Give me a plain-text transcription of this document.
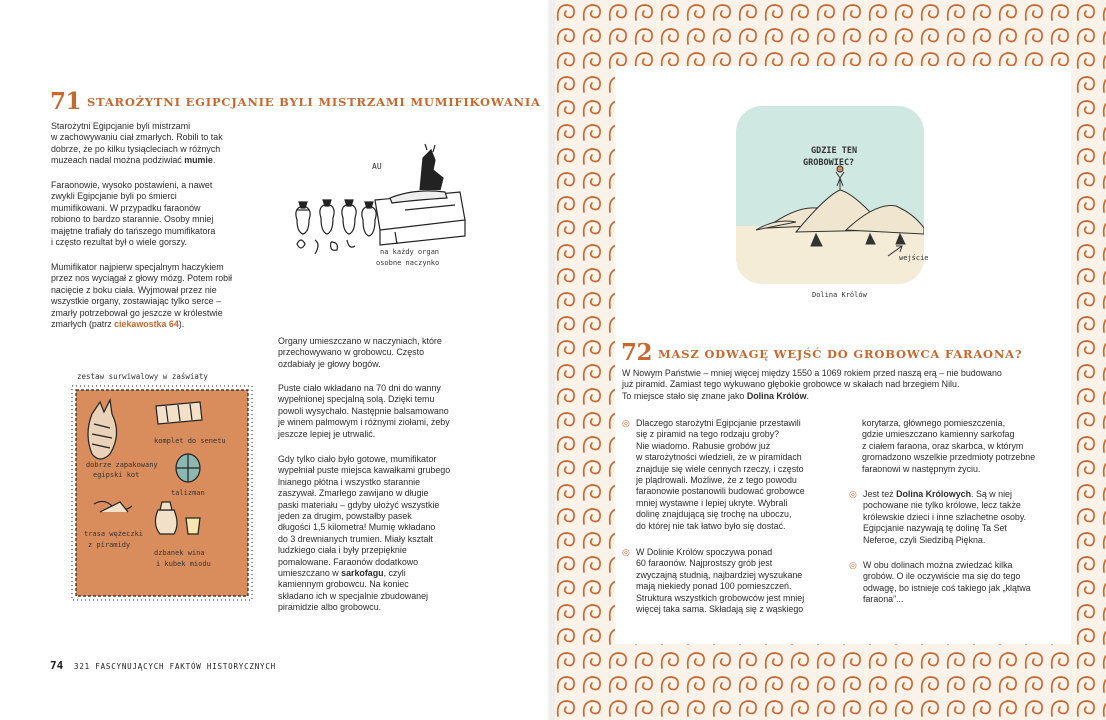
71 STAROŻYTNI EGIPCJANIE BYLI MISTRZAMI MUMIFIKOWANIA

Starożytni Egipcjanie byli mistrzami
w zachowywaniu ciał zmarłych. Robili to tak
dobrze, że po kilku tysiącleciach w różnych
muzeach nadal można podziwiać mumie.

Faraonowie, wysoko postawieni, a nawet
zwykli Egipcjanie byli po śmierci
mumifikowani. W przypadku faraonów
robiono to bardzo starannie. Osoby mniej
majętne trafiały do tańszego mumifikatora
i często rezultat był o wiele gorszy.

Mumifikator najpierw specjalnym haczykiem
przez nos wyciągał z głowy mózg. Potem robił
nacięcie z boku ciała. Wyjmował przez nie
wszystkie organy, zostawiając tylko serce –
zmarły potrzebował go jeszcze w królestwie
zmarłych (patrz ciekawostka 64).

AU
na każdy organ
osobne naczynko
zestaw surwiwalowy w zaświaty
dobrze zapakowany
egipski kot
komplet do senetu
talizman
trasa wężeczki
z piramidy
dzbanek wina
i kubek miodu

Organy umieszczano w naczyniach, które
przechowywano w grobowcu. Często
ozdabiały je głowy bogów.

Puste ciało wkładano na 70 dni do wanny
wypełnionej specjalną solą. Dzięki temu
powoli wysychało. Następnie balsamowano
je winem palmowym i różnymi ziołami, żeby
jeszcze lepiej je utrwalić.

Gdy tylko ciało było gotowe, mumifikator
wypełniał puste miejsca kawałkami grubego
lnianego płótna i wszystko starannie
zaszywał. Zmarłego zawijano w długie
paski materiału – gdyby ułożyć wszystkie
jeden za drugim, powstałby pasek
długości 1,5 kilometra! Mumię wkładano
do 3 drewnianych trumien. Miały kształt
ludzkiego ciała i były przepięknie
pomalowane. Faraonów dodatkowo
umieszczano w sarkofagu, czyli
kamiennym grobowcu. Na koniec
składano ich w specjalnie zbudowanej
piramidzie albo grobowcu.

74 321 FASCYNUJĄCYCH FAKTÓW HISTORYCZNYCH
GDZIE TEN
GROBOWIEC?
wejście
Dolina Królów
72 MASZ ODWAGĘ WEJŚĆ DO GROBOWCA FARAONA?

W Nowym Państwie – mniej więcej między 1550 a 1069 rokiem przed naszą erą – nie budowano
już piramid. Zamiast tego wykuwano głębokie grobowce w skałach nad brzegiem Nilu.
To miejsce stało się znane jako Dolina Królów.

◎ Dlaczego starożytni Egipcjanie przestawili
się z piramid na tego rodzaju groby?
Nie wiadomo. Rabusie grobów już
w starożytności wiedzieli, że w piramidach
znajduje się wiele cennych rzeczy, i często
je plądrowali. Możliwe, że z tego powodu
faraonowie postanowili budować grobowce
mniej wystawne i lepiej ukryte. Wybrali
dolinę znajdującą się trochę na uboczu,
do której nie tak łatwo było się dostać.
◎ W Dolinie Królów spoczywa ponad
60 faraonów. Najprostszy grób jest
zwyczajną studnią, najbardziej wyszukane
mają niekiedy ponad 100 pomieszczeń.
Struktura wszystkich grobowców jest mniej
więcej taka sama. Składają się z wąskiego

korytarza, głównego pomieszczenia,
gdzie umieszczano kamienny sarkofag
z ciałem faraona, oraz skarbca, w którym
gromadzono wszelkie przedmioty potrzebne
faraonowi w następnym życiu.

◎ Jest też Dolina Królowych. Są w niej
pochowane nie tylko królowe, lecz także
królewskie dzieci i inne szlachetne osoby.
Egipcjanie nazywają tę dolinę Ta Set
Neferoe, czyli Siedzibą Piękna.
◎ W obu dolinach można zwiedzać kilka
grobów. O ile oczywiście ma się do tego
odwagę, bo istnieje coś takiego jak „klątwa
faraona”...
